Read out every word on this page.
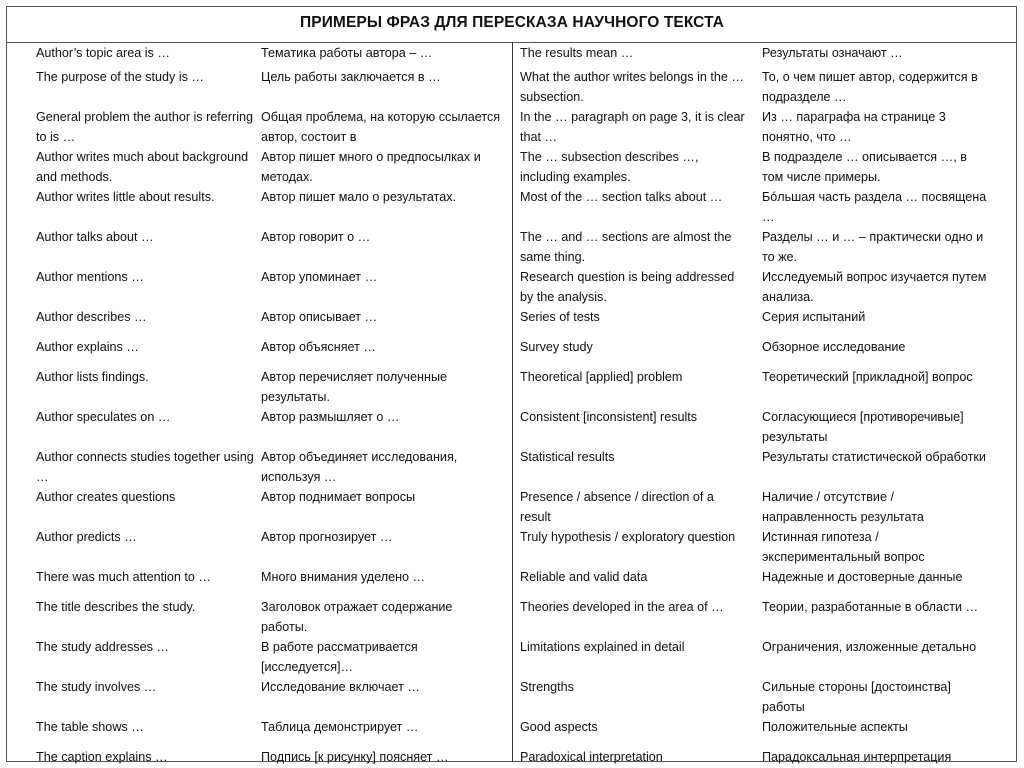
ПРИМЕРЫ ФРАЗ ДЛЯ ПЕРЕСКАЗА НАУЧНОГО ТЕКСТА
Author’s topic area is …
The purpose of the study is …
General problem the author is referring to is …
Author writes much about background and methods.
Author writes little about results.
Author talks about …
Author mentions …
Author describes …
Author explains …
Author lists findings.
Author speculates on …
Author connects studies together using …
Author creates questions
Author predicts …
There was much attention to …
The title describes the study.
The study addresses …
The study involves …
The table shows …
The caption explains …
Тематика работы автора – …
Цель работы заключается в …
Общая проблема, на которую ссылается автор, состоит в
Автор пишет много о предпосылках и методах.
Автор пишет мало о результатах.
Автор говорит о …
Автор упоминает …
Автор описывает …
Автор объясняет …
Автор перечисляет полученные результаты.
Автор размышляет о …
Автор объединяет исследования, используя …
Автор поднимает вопросы
Автор прогнозирует …
Много внимания уделено …
Заголовок отражает содержание работы.
В работе рассматривается [исследуется]…
Исследование включает …
Таблица демонстрирует …
Подпись [к рисунку] поясняет …
The results mean …
What the author writes belongs in the … subsection.
In the … paragraph on page 3, it is clear that …
The … subsection describes …, including examples.
Most of the … section talks about …
The … and … sections are almost the same thing.
Research question is being addressed by the analysis.
Series of tests
Survey study
Theoretical [applied] problem
Consistent [inconsistent] results
Statistical results
Presence / absence / direction of a result
Truly hypothesis / exploratory question
Reliable and valid data
Theories developed in the area of …
Limitations explained in detail
Strengths
Good aspects
Paradoxical interpretation
Результаты означают …
То, о чем пишет автор, содержится в подразделе …
Из … параграфа на странице 3 понятно, что …
В подразделе … описывается …, в том числе примеры.
Бóльшая часть раздела … посвящена …
Разделы … и … – практически одно и то же.
Исследуемый вопрос изучается путем анализа.
Серия испытаний
Обзорное исследование
Теоретический [прикладной] вопрос
Согласующиеся [противоречивые] результаты
Результаты статистической обработки
Наличие / отсутствие / направленность результата
Истинная гипотеза / экспериментальный вопрос
Надежные и достоверные данные
Теории, разработанные в области …
Ограничения, изложенные детально
Сильные стороны [достоинства] работы
Положительные аспекты
Парадоксальная интерпретация
